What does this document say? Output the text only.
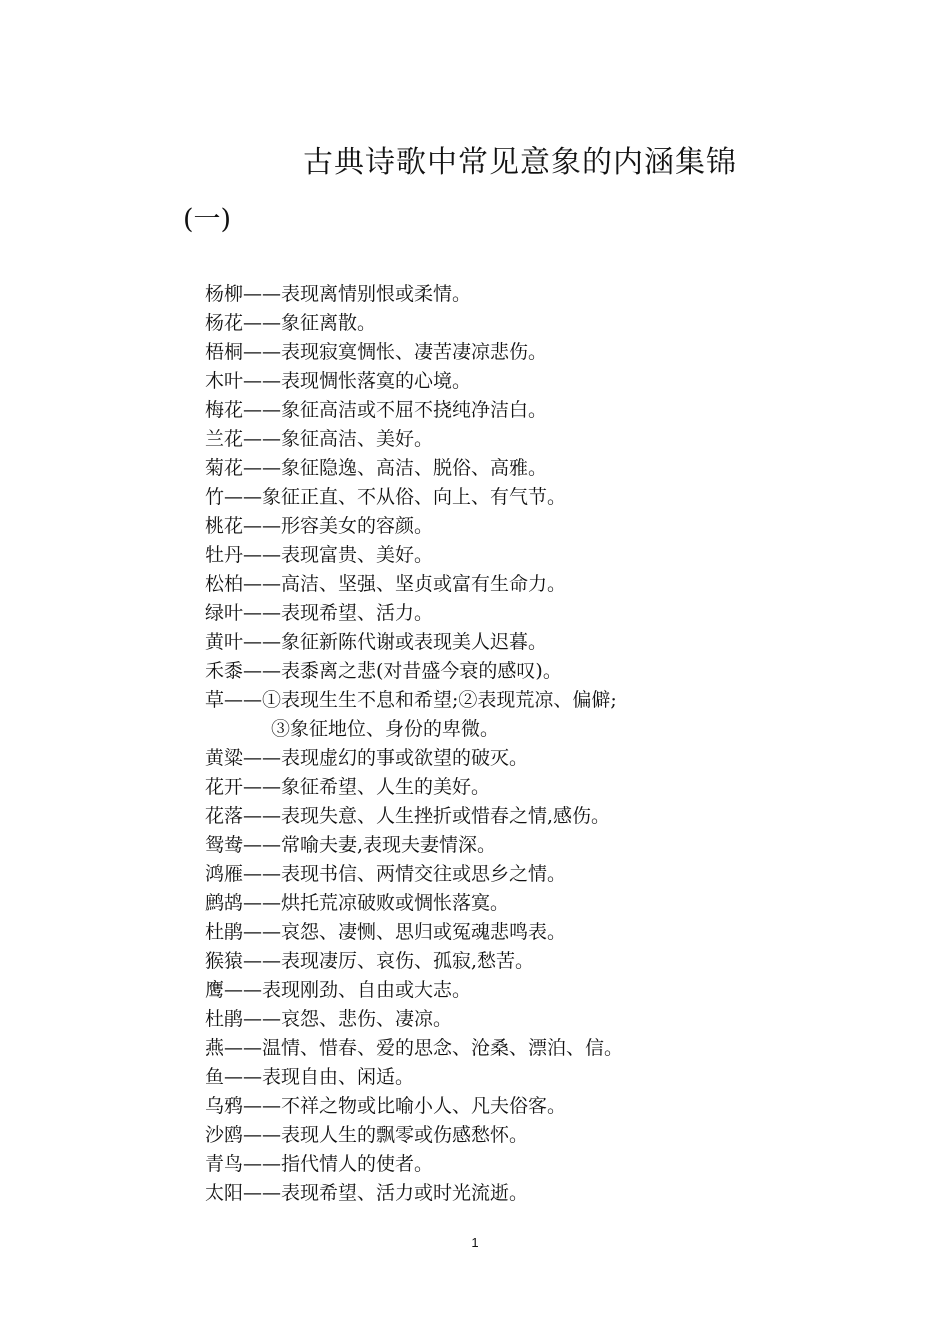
古典诗歌中常见意象的内涵集锦
(一)
杨柳——表现离情别恨或柔情。
杨花——象征离散。
梧桐——表现寂寞惆怅、凄苦凄凉悲伤。
木叶——表现惆怅落寞的心境。
梅花——象征高洁或不屈不挠纯净洁白。
兰花——象征高洁、美好。
菊花——象征隐逸、高洁、脱俗、高雅。
竹——象征正直、不从俗、向上、有气节。
桃花——形容美女的容颜。
牡丹——表现富贵、美好。
松柏——高洁、坚强、坚贞或富有生命力。
绿叶——表现希望、活力。
黄叶——象征新陈代谢或表现美人迟暮。
禾黍——表黍离之悲(对昔盛今衰的感叹)。
草——①表现生生不息和希望;②表现荒凉、偏僻;
③象征地位、身份的卑微。
黄粱——表现虚幻的事或欲望的破灭。
花开——象征希望、人生的美好。
花落——表现失意、人生挫折或惜春之情,感伤。
鸳鸯——常喻夫妻,表现夫妻情深。
鸿雁——表现书信、两情交往或思乡之情。
鹧鸪——烘托荒凉破败或惆怅落寞。
杜鹃——哀怨、凄恻、思归或冤魂悲鸣表。
猴猿——表现凄厉、哀伤、孤寂,愁苦。
鹰——表现刚劲、自由或大志。
杜鹃——哀怨、悲伤、凄凉。
燕——温情、惜春、爱的思念、沧桑、漂泊、信。
鱼——表现自由、闲适。
乌鸦——不祥之物或比喻小人、凡夫俗客。
沙鸥——表现人生的飘零或伤感愁怀。
青鸟——指代情人的使者。
太阳——表现希望、活力或时光流逝。
1
